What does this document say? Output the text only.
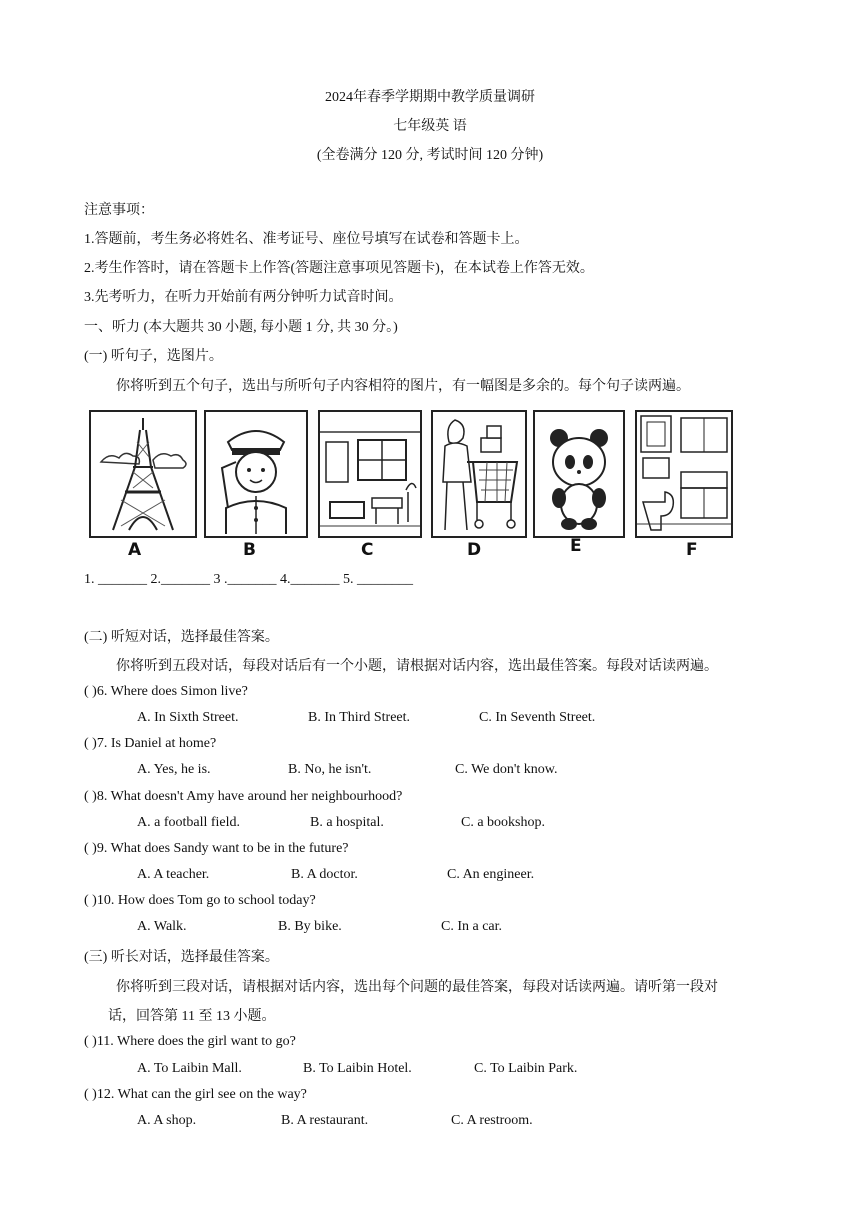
2024年春季学期期中教学质量调研
七年级英 语
(全卷满分 120 分, 考试时间 120 分钟)
注意事项：
1.答题前，考生务必将姓名、准考证号、座位号填写在试卷和答题卡上。
2.考生作答时，请在答题卡上作答(答题注意事项见答题卡)，在本试卷上作答无效。
3.先考听力，在听力开始前有两分钟听力试音时间。
一、听力 (本大题共 30 小题, 每小题 1 分, 共 30 分。)
(一) 听句子，选图片。
你将听到五个句子，选出与所听句子内容相符的图片，有一幅图是多余的。每个句子读两遍。
A	B	C	D	E	F
1. _______ 2._______ 3 ._______ 4._______ 5. ________
(二) 听短对话，选择最佳答案。
你将听到五段对话，每段对话后有一个小题，请根据对话内容，选出最佳答案。每段对话读两遍。
( )6. Where does Simon live?
A. In Sixth Street.	B. In Third Street.	C. In Seventh Street.
( )7. Is Daniel at home?
A. Yes, he is.	B. No, he isn't.	C. We don't know.
( )8. What doesn't Amy have around her neighbourhood?
A. a football field.	B. a hospital.	C. a bookshop.
( )9. What does Sandy want to be in the future?
A. A teacher.	B. A doctor.	C. An engineer.
( )10. How does Tom go to school today?
A. Walk.	B. By bike.	C. In a car.
(三) 听长对话，选择最佳答案。
你将听到三段对话，请根据对话内容，选出每个问题的最佳答案，每段对话读两遍。请听第一段对
话，回答第 11 至 13 小题。
( )11. Where does the girl want to go?
A. To Laibin Mall.	B. To Laibin Hotel.	C. To Laibin Park.
( )12. What can the girl see on the way?
A. A shop.	B. A restaurant.	C. A restroom.
